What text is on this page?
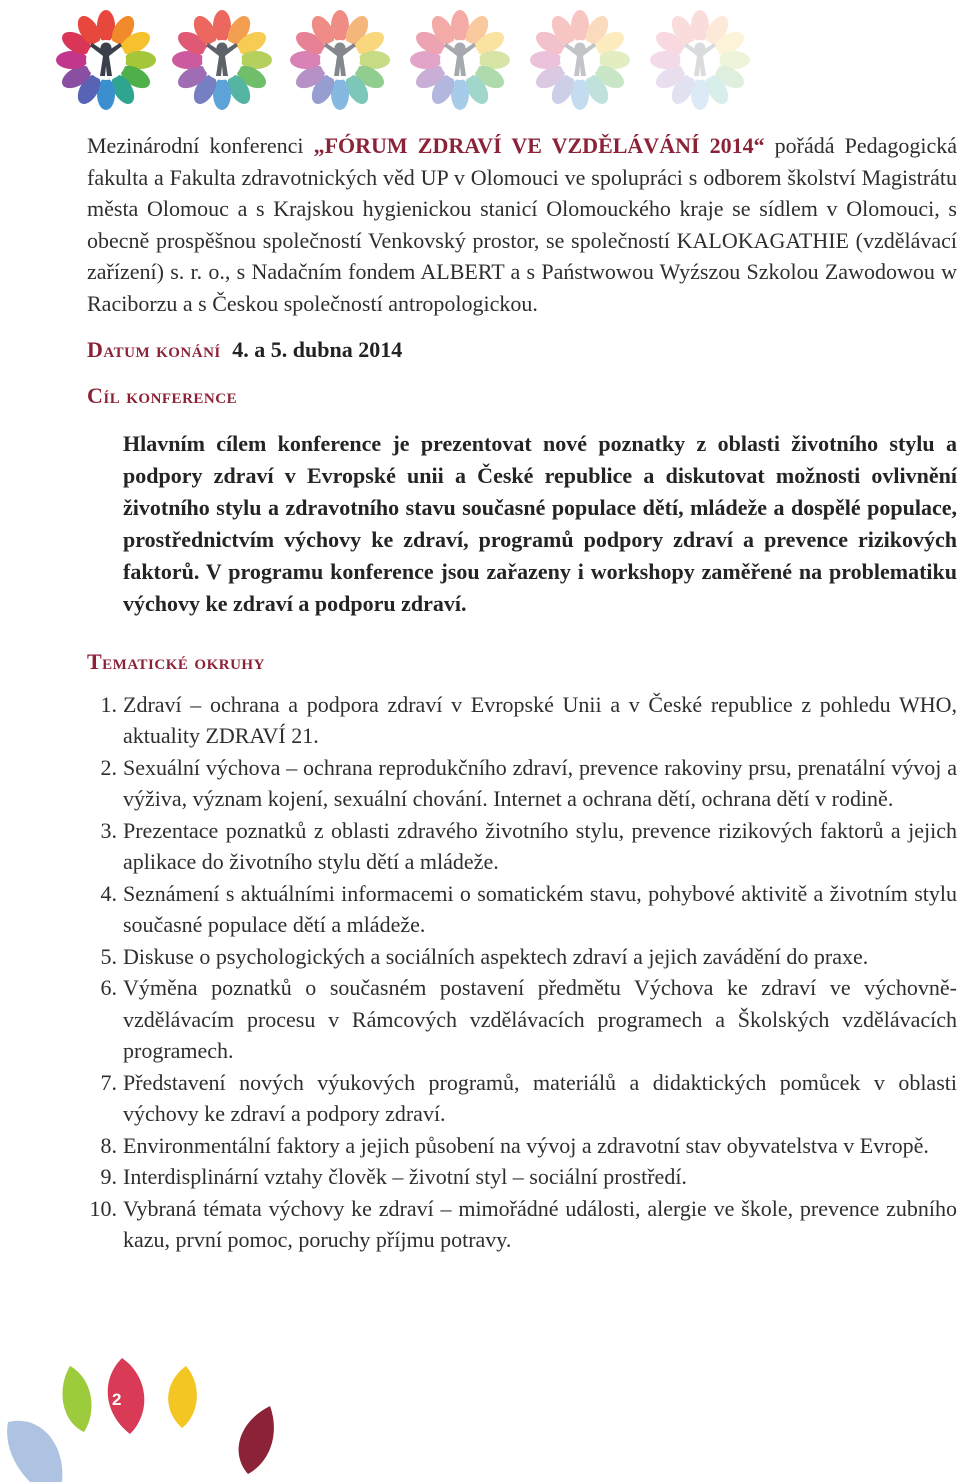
Mezinárodní konferenci „FÓRUM ZDRAVÍ VE VZDĚLÁVÁNÍ 2014“ pořádá Pedagogická fakulta a Fakulta zdravotnických věd UP v Olomouci ve spolupráci s odborem školství Magistrátu města Olomouc a s Krajskou hygienickou stanicí Olomouckého kraje se sídlem v Olomouci, s obecně prospěšnou společností Venkovský prostor, se společností KALOKAGATHIE (vzdělávací zařízení) s. r. o., s Nadačním fondem ALBERT a s Państwowou Wyźszou Szkolou Zawodowou w Raciborzu a s Českou společností antropologickou.

Datum konání 4. a 5. dubna 2014
Cíl konference

Hlavním cílem konference je prezentovat nové poznatky z oblasti životního stylu a podpory zdraví v Evropské unii a České republice a diskutovat možnosti ovlivnění životního stylu a zdravotního stavu současné populace dětí, mládeže a dospělé populace, prostřednictvím výchovy ke zdraví, programů podpory zdraví a prevence rizikových faktorů. V programu konference jsou zařazeny i workshopy zaměřené na problematiku výchovy ke zdraví a podporu zdraví.

Tematické okruhy
1. Zdraví – ochrana a podpora zdraví v Evropské Unii a v České republice z pohledu WHO, aktuality ZDRAVÍ 21.
2. Sexuální výchova – ochrana reprodukčního zdraví, prevence rakoviny prsu, prenatální vývoj a výživa, význam kojení, sexuální chování. Internet a ochrana dětí, ochrana dětí v rodině.
3. Prezentace poznatků z oblasti zdravého životního stylu, prevence rizikových faktorů a jejich aplikace do životního stylu dětí a mládeže.
4. Seznámení s aktuálními informacemi o somatickém stavu, pohybové aktivitě a životním stylu současné populace dětí a mládeže.
5. Diskuse o psychologických a sociálních aspektech zdraví a jejich zavádění do praxe.
6. Výměna poznatků o současném postavení předmětu Výchova ke zdraví ve výchovně-vzdělávacím procesu v Rámcových vzdělávacích programech a Školských vzdělávacích programech.
7. Představení nových výukových programů, materiálů a didaktických pomůcek v oblasti výchovy ke zdraví a podpory zdraví.
8. Environmentální faktory a jejich působení na vývoj a zdravotní stav obyvatelstva v Evropě.
9. Interdisplinární vztahy člověk – životní styl – sociální prostředí.
10. Vybraná témata výchovy ke zdraví – mimořádné události, alergie ve škole, prevence zubního kazu, první pomoc, poruchy příjmu potravy.
2
